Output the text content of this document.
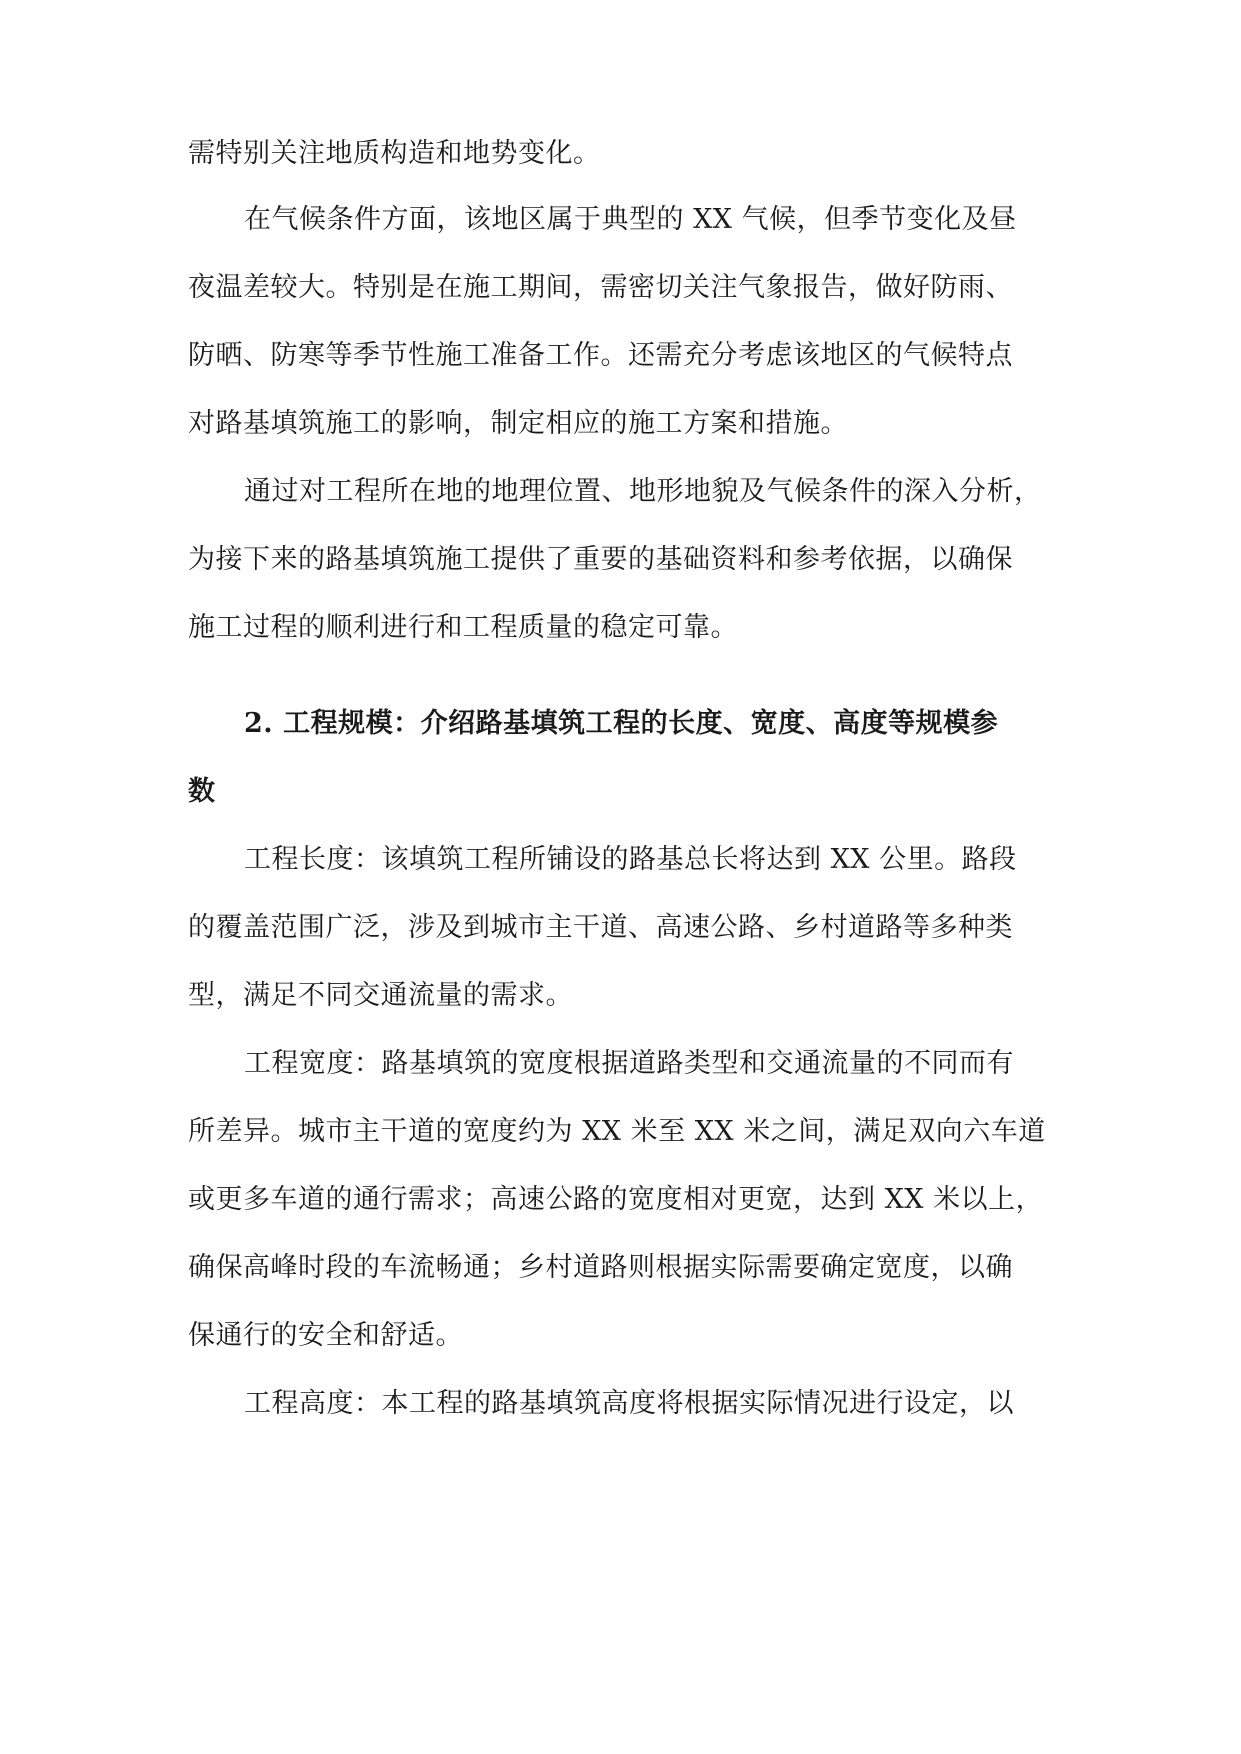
需特别关注地质构造和地势变化。
在气候条件方面，该地区属于典型的 XX 气候，但季节变化及昼
夜温差较大。特别是在施工期间，需密切关注气象报告，做好防雨、
防晒、防寒等季节性施工准备工作。还需充分考虑该地区的气候特点
对路基填筑施工的影响，制定相应的施工方案和措施。
通过对工程所在地的地理位置、地形地貌及气候条件的深入分析，
为接下来的路基填筑施工提供了重要的基础资料和参考依据，以确保
施工过程的顺利进行和工程质量的稳定可靠。
2. 工程规模：介绍路基填筑工程的长度、宽度、高度等规模参
数
工程长度：该填筑工程所铺设的路基总长将达到 XX 公里。路段
的覆盖范围广泛，涉及到城市主干道、高速公路、乡村道路等多种类
型，满足不同交通流量的需求。
工程宽度：路基填筑的宽度根据道路类型和交通流量的不同而有
所差异。城市主干道的宽度约为 XX 米至 XX 米之间，满足双向六车道
或更多车道的通行需求；高速公路的宽度相对更宽，达到 XX 米以上，
确保高峰时段的车流畅通；乡村道路则根据实际需要确定宽度，以确
保通行的安全和舒适。
工程高度：本工程的路基填筑高度将根据实际情况进行设定，以
